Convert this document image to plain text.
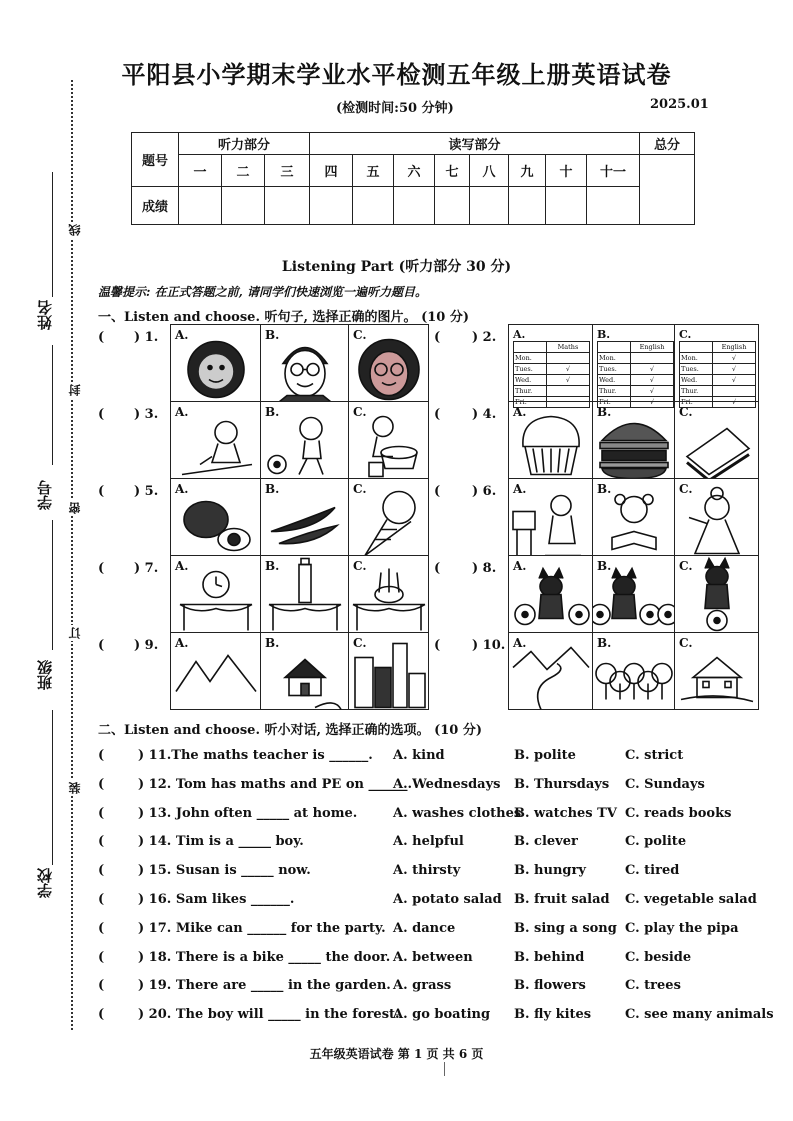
线
封
密
订
装
姓名
学号
班级
学校
平阳县小学期末学业水平检测五年级上册英语试卷
(检测时间:50 分钟)	2025.01
题号	听力部分			读写部分								总分
	一	二	三	四	五	六	七	八	九	十	十一	
成绩												
Listening Part (听力部分 30 分)
温馨提示: 在正式答题之前, 请同学们快速浏览一遍听力题目。
一、Listen and choose. 听句子, 选择正确的图片。 (10 分)
( ) 1. A.	B.	C.	( ) 2. A.
	Maths
Mon.	
Tues.	√
Wed.	√
Thur.	
Fri.	
B.
	English
Mon.	
Tues.	√
Wed.	√
Thur.	√
Fri.	√
C.
	English
Mon.	√
Tues.	√
Wed.	√
Thur.	
Fri.	√
( ) 3. A.	B.	C.	( ) 4. A.	B.	C.
( ) 5. A.	B.	C.	( ) 6. A.	B.	C.
( ) 7. A.	B.	C.	( ) 8. A.	B.	C.
( ) 9. A.	B.	C.	( ) 10. A.	B.	C.
二、Listen and choose. 听小对话, 选择正确的选项。 (10 分)
(	) 11.The maths teacher is ______. A. kind	B. polite	C. strict
(	) 12. Tom has maths and PE on ______.
A. Wednesdays B. Thursdays C. Sundays
(	) 13. John often _____ at home.	A. washes clothes
B. watches TV C. reads books
(	) 14. Tim is a _____ boy.	A. helpful	B. clever	C. polite
(	) 15. Susan is _____ now.	A. thirsty	B. hungry	C. tired
(	) 16. Sam likes ______.	A. potato salad B. fruit salad C. vegetable salad
(	) 17. Mike can ______ for the party. A. dance	B. sing a song C. play the pipa
(	) 18. There is a bike _____ the door. A. between	B. behind	C. beside
(	) 19. There are _____ in the garden. A. grass	B. flowers	C. trees
(	) 20. The boy will _____ in the forest.
A. go boating B. fly kites	C. see many animals
五年级英语试卷 第 1 页 共 6 页
